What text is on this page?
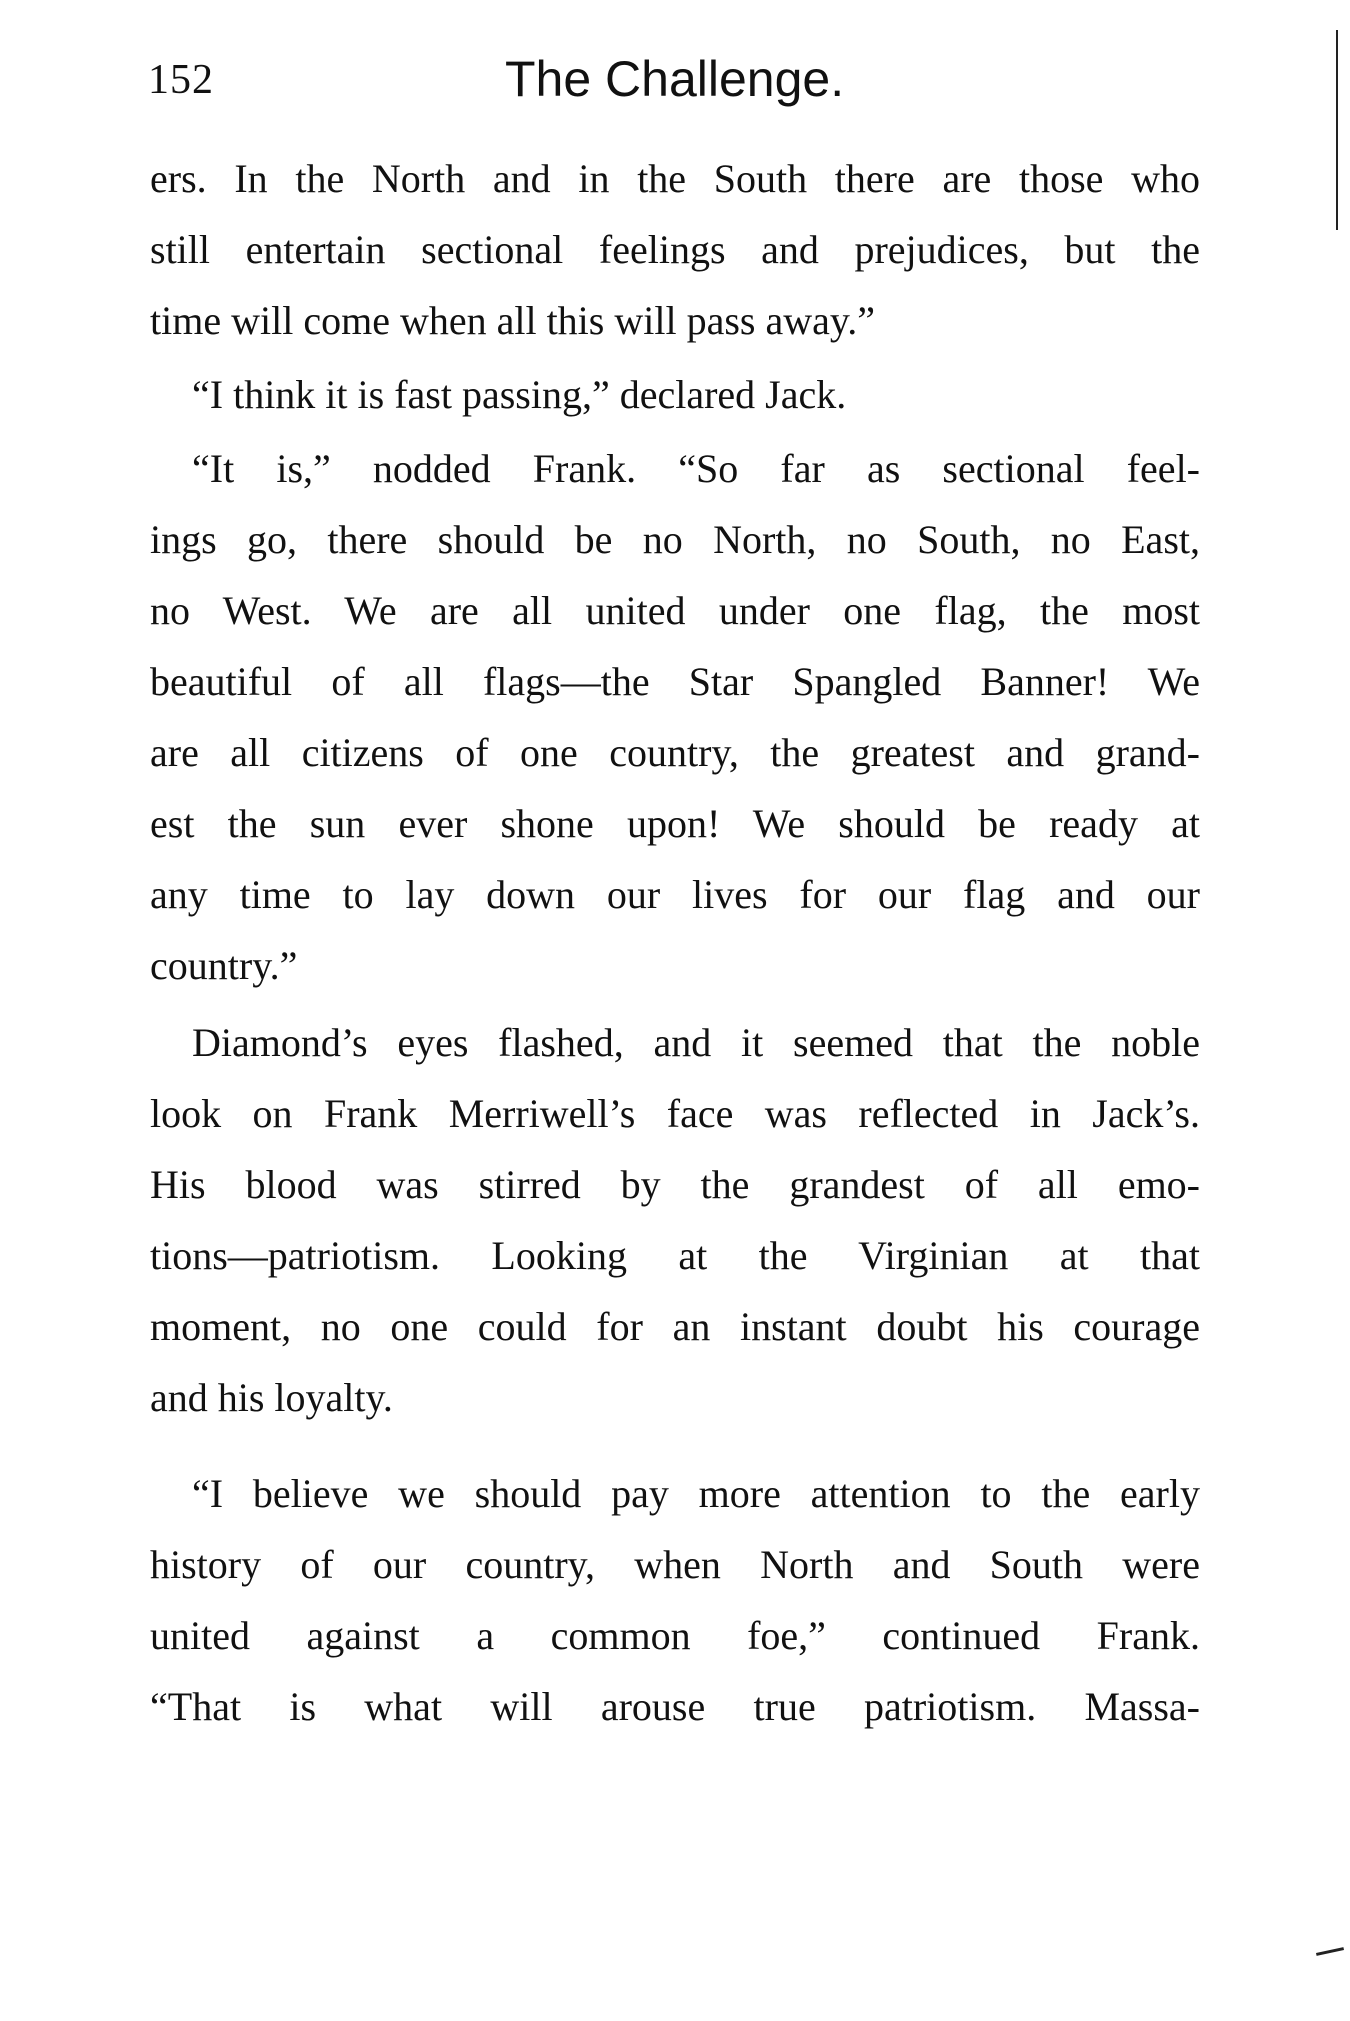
152	The Challenge.
ers. In the North and in the South there are those who
still entertain sectional feelings and prejudices, but the
time will come when all this will pass away.”
“I think it is fast passing,” declared Jack.
“It is,” nodded Frank. “So far as sectional feel-
ings go, there should be no North, no South, no East,
no West. We are all united under one flag, the most
beautiful of all flags—the Star Spangled Banner! We
are all citizens of one country, the greatest and grand-
est the sun ever shone upon! We should be ready at
any time to lay down our lives for our flag and our
country.”
Diamond’s eyes flashed, and it seemed that the noble
look on Frank Merriwell’s face was reflected in Jack’s.
His blood was stirred by the grandest of all emo-
tions—patriotism. Looking at the Virginian at that
moment, no one could for an instant doubt his courage
and his loyalty.
“I believe we should pay more attention to the early
history of our country, when North and South were
united against a common foe,” continued Frank.
“That is what will arouse true patriotism. Massa-
